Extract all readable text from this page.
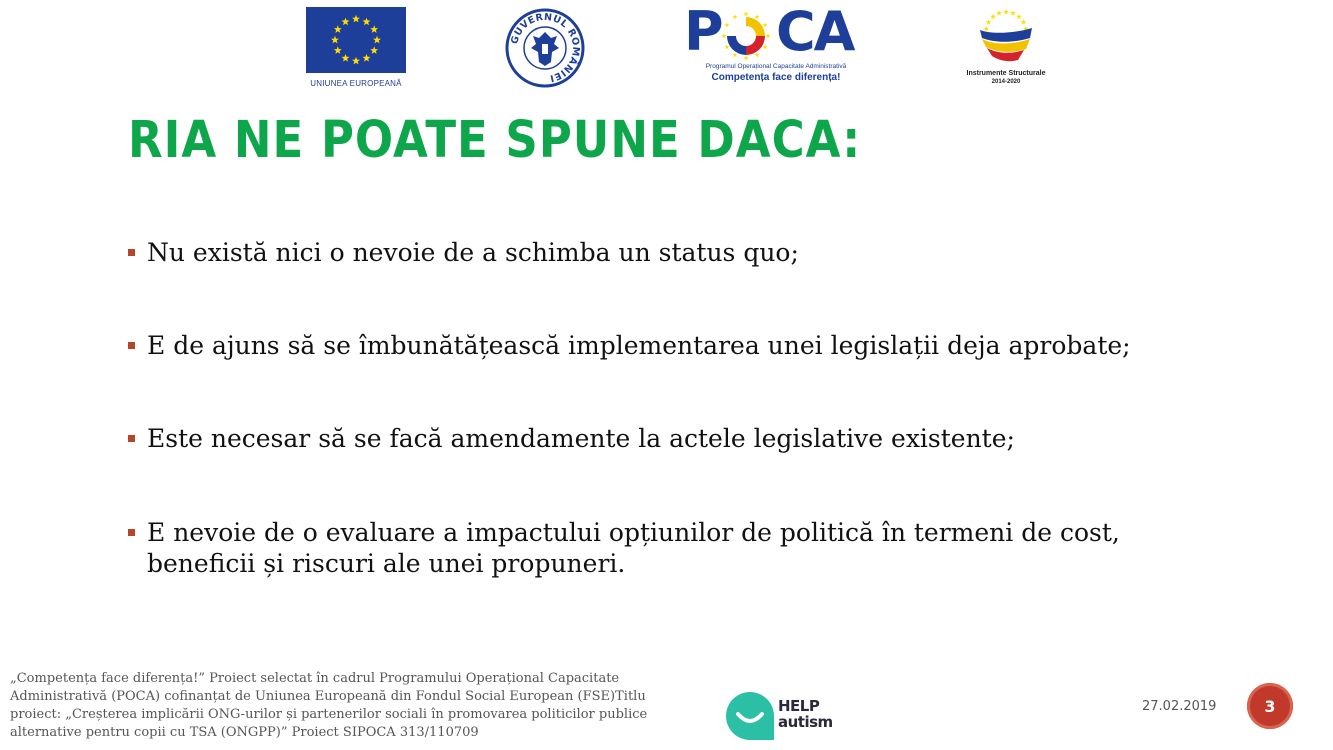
UNIUNEA EUROPEANĂ
GUVERNUL ROMÂNIEI
P CA
Programul Operațional Capacitate Administrativă
Competența face diferența!	Instrumente Structurale
2014-2020
RIA NE POATE SPUNE DACA:
Nu există nici o nevoie de a schimba un status quo;
E de ajuns să se îmbunătățească implementarea unei legislații deja aprobate;
Este necesar să se facă amendamente la actele legislative existente;
E nevoie de o evaluare a impactului opțiunilor de politică în termeni de cost, beneficii și riscuri ale unei propuneri.
„Competența face diferența!” Proiect selectat în cadrul Programului Operațional Capacitate Administrativă (POCA) cofinanțat de Uniunea Europeană din Fondul Social European (FSE)Titlu proiect: „Creșterea implicării ONG-urilor și partenerilor sociali în promovarea politicilor publice alternative pentru copii cu TSA (ONGPP)” Proiect SIPOCA 313/110709
HELP
autism
27.02.2019	3
